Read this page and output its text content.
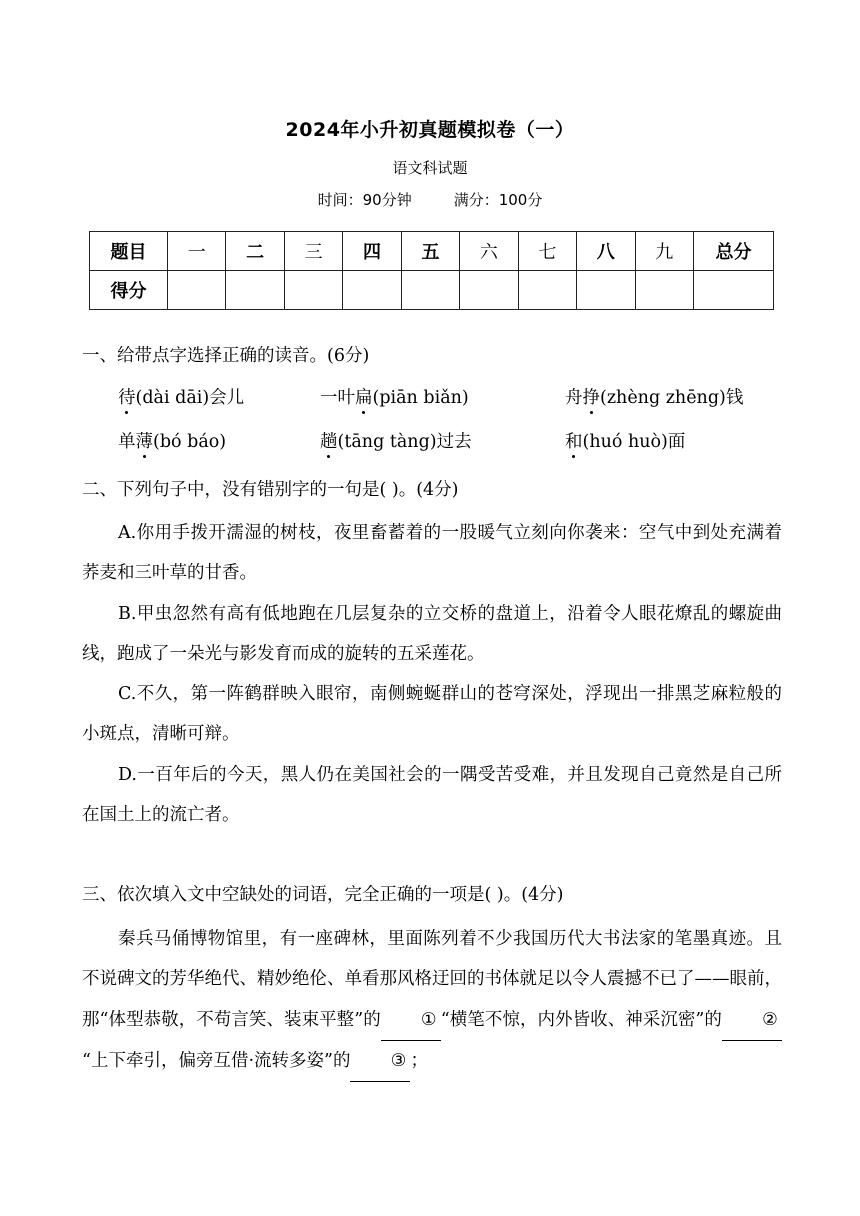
2024年小升初真题模拟卷（一）
语文科试题
时间：90分钟	满分：100分
题目	一	二	三	四	五	六	七	八	九	总分
得分										
一、给带点字选择正确的读音。(6分)
待(dài dāi)会儿	一叶扁(piān biǎn)	舟挣(zhèng zhēng)钱
单薄(bó báo)	趟(tāng tàng)过去	和(huó huò)面
二、下列句子中，没有错别字的一句是( )。(4分)

A.你用手拨开濡湿的树枝，夜里畜蓄着的一股暖气立刻向你袭来：空气中到处充满着荞麦和三叶草的甘香。

B.甲虫忽然有高有低地跑在几层复杂的立交桥的盘道上，沿着令人眼花燎乱的螺旋曲线，跑成了一朵光与影发育而成的旋转的五采莲花。

C.不久，第一阵鹤群映入眼帘，南侧蜿蜒群山的苍穹深处，浮现出一排黑芝麻粒般的小斑点，清晰可辩。

D.一百年后的今天，黑人仍在美国社会的一隅受苦受难，并且发现自己竟然是自己所在国土上的流亡者。

三、依次填入文中空缺处的词语，完全正确的一项是( )。(4分)

秦兵马俑博物馆里，有一座碑林，里面陈列着不少我国历代大书法家的笔墨真迹。且不说碑文的芳华绝代、精妙绝伦、单看那风格迂回的书体就足以令人震撼不已了——眼前，那“体型恭敬，不苟言笑、装束平整”的 ① “横笔不惊，内外皆收、神采沉密”的 ②“上下牵引，偏旁互借·流转多姿”的 ③ ；
